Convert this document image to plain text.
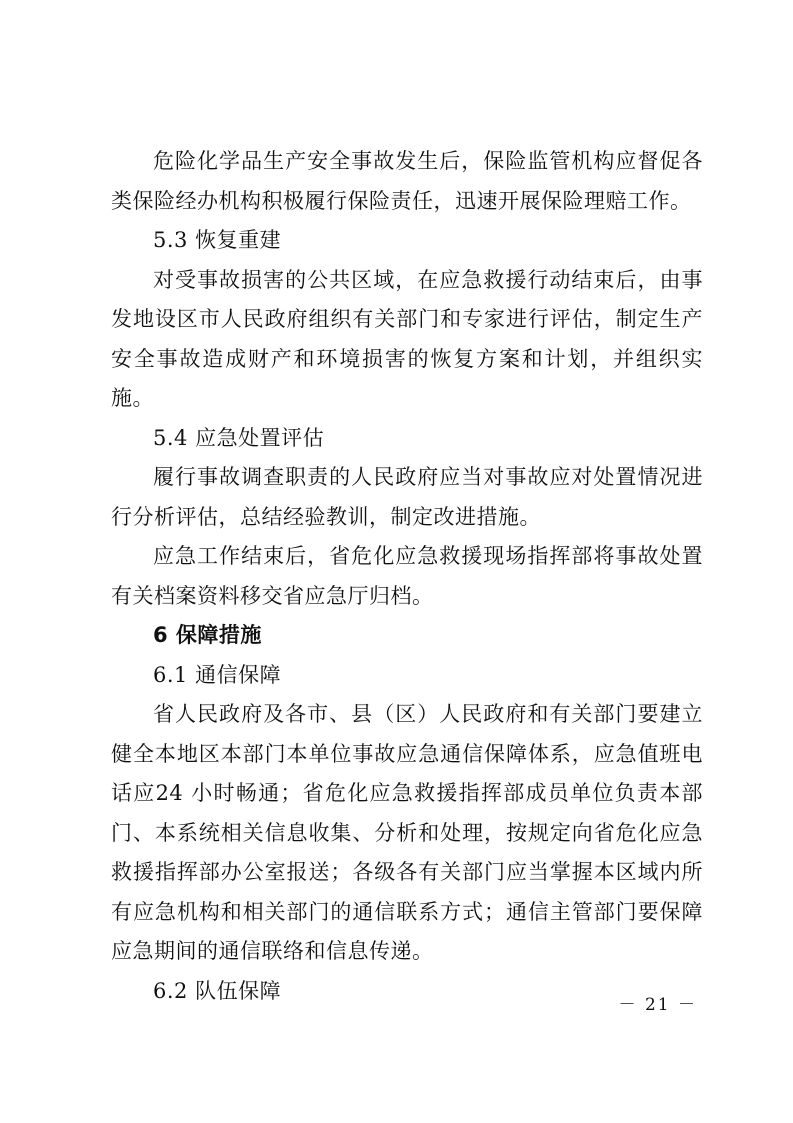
危险化学品生产安全事故发生后，保险监管机构应督促各类保险经办机构积极履行保险责任，迅速开展保险理赔工作。

5.3 恢复重建

对受事故损害的公共区域，在应急救援行动结束后，由事发地设区市人民政府组织有关部门和专家进行评估，制定生产安全事故造成财产和环境损害的恢复方案和计划，并组织实施。

5.4 应急处置评估

履行事故调查职责的人民政府应当对事故应对处置情况进行分析评估，总结经验教训，制定改进措施。

应急工作结束后，省危化应急救援现场指挥部将事故处置有关档案资料移交省应急厅归档。

6 保障措施

6.1 通信保障

省人民政府及各市、县（区）人民政府和有关部门要建立健全本地区本部门本单位事故应急通信保障体系，应急值班电话应24 小时畅通；省危化应急救援指挥部成员单位负责本部门、本系统相关信息收集、分析和处理，按规定向省危化应急救援指挥部办公室报送；各级各有关部门应当掌握本区域内所有应急机构和相关部门的通信联系方式；通信主管部门要保障应急期间的通信联络和信息传递。

6.2 队伍保障

－ 21 －
